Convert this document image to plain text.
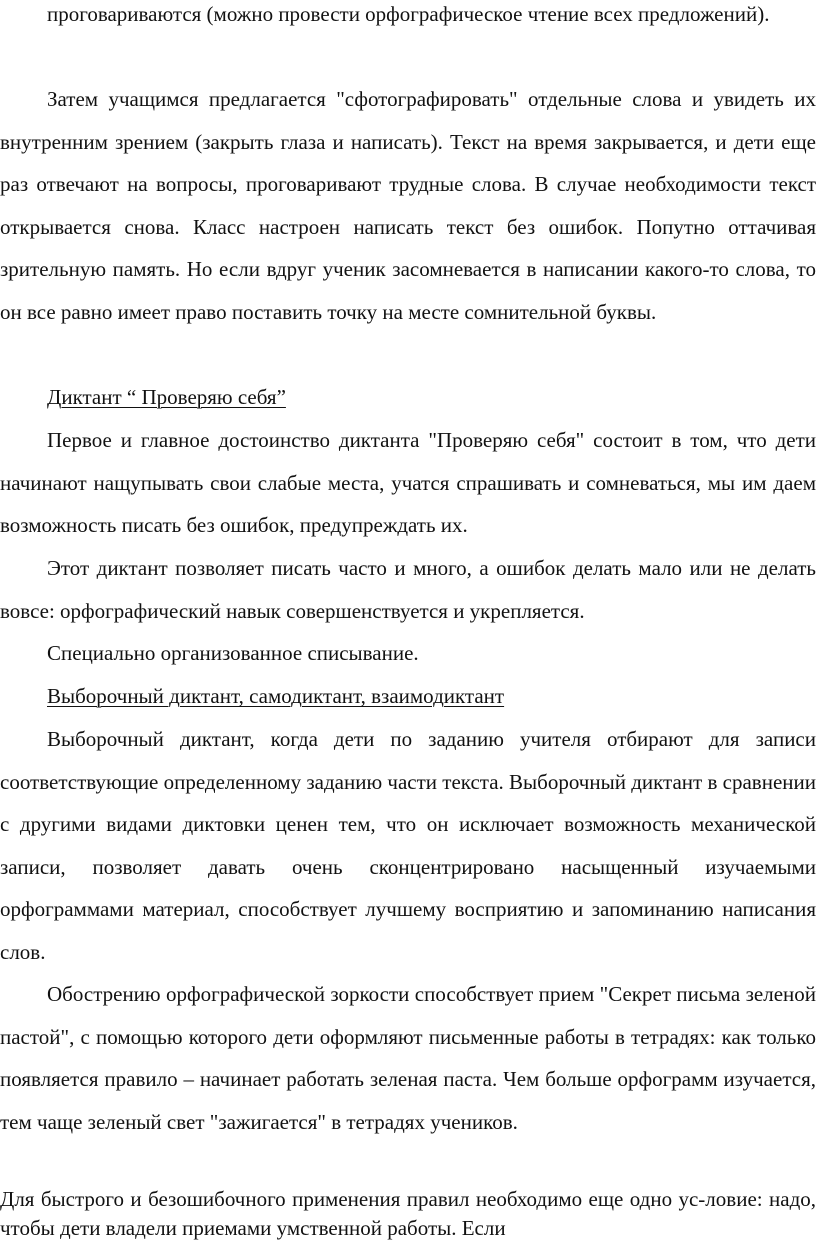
проговариваются (можно провести орфографическое чтение всех предложений).

Затем учащимся предлагается "сфотографировать" отдельные слова и увидеть их внутренним зрением (закрыть глаза и написать). Текст на время закрывается, и дети еще раз отвечают на вопросы, проговаривают трудные слова. В случае необходимости текст открывается снова. Класс настроен написать текст без ошибок. Попутно оттачивая зрительную память. Но если вдруг ученик засомневается в написании какого-то слова, то он все равно имеет право поставить точку на месте сомнительной буквы.

Диктант “ Проверяю себя”

Первое и главное достоинство диктанта "Проверяю себя" состоит в том, что дети начинают нащупывать свои слабые места, учатся спрашивать и сомневаться, мы им даем возможность писать без ошибок, предупреждать их.

Этот диктант позволяет писать часто и много, а ошибок делать мало или не делать вовсе: орфографический навык совершенствуется и укрепляется.

Специально организованное списывание.

Выборочный диктант, самодиктант, взаимодиктант

Выборочный диктант, когда дети по заданию учителя отбирают для записи соответствующие определенному заданию части текста. Выборочный диктант в сравнении с другими видами диктовки ценен тем, что он исключает возможность механической записи, позволяет давать очень сконцентрировано насыщенный изучаемыми орфограммами материал, способствует лучшему восприятию и запоминанию написания слов.

Обострению орфографической зоркости способствует прием "Секрет письма зеленой пастой", с помощью которого дети оформляют письменные работы в тетрадях: как только появляется правило – начинает работать зеленая паста. Чем больше орфограмм изучается, тем чаще зеленый свет "зажигается" в тетрадях учеников.

Для быстрого и безошибочного применения правил необходимо еще одно ус-ловие: надо, чтобы дети владели приемами умственной работы. Если
